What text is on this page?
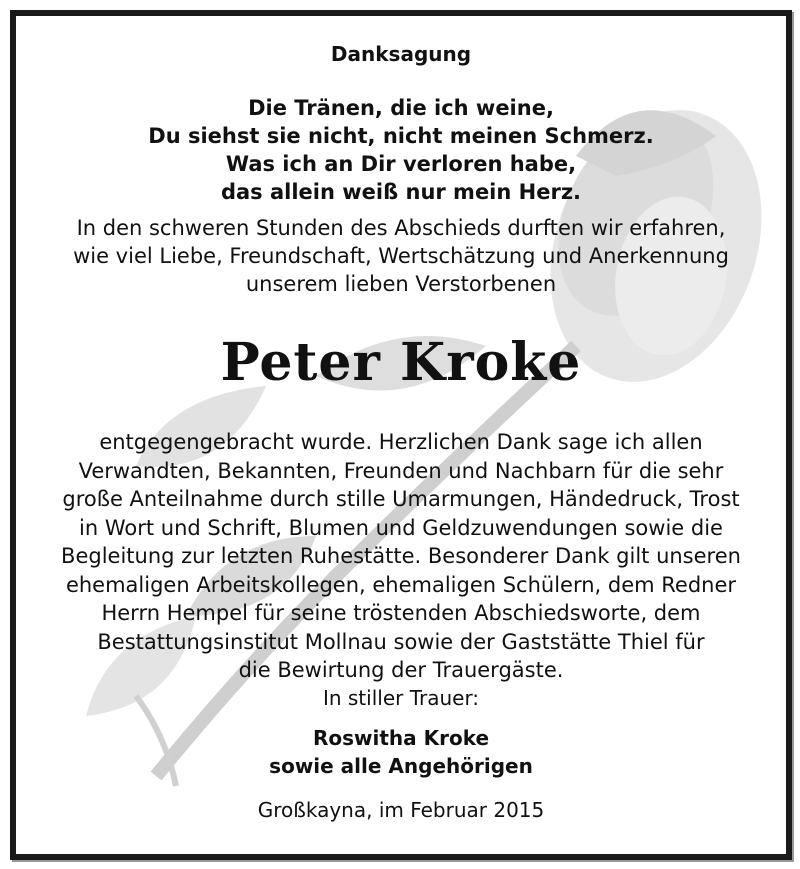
Danksagung
Die Tränen, die ich weine,
Du siehst sie nicht, nicht meinen Schmerz.
Was ich an Dir verloren habe,
das allein weiß nur mein Herz.
In den schweren Stunden des Abschieds durften wir erfahren,
wie viel Liebe, Freundschaft, Wertschätzung und Anerkennung
unserem lieben Verstorbenen
Peter Kroke
entgegengebracht wurde. Herzlichen Dank sage ich allen
Verwandten, Bekannten, Freunden und Nachbarn für die sehr
große Anteilnahme durch stille Umarmungen, Händedruck, Trost
in Wort und Schrift, Blumen und Geldzuwendungen sowie die
Begleitung zur letzten Ruhestätte. Besonderer Dank gilt unseren
ehemaligen Arbeitskollegen, ehemaligen Schülern, dem Redner
Herrn Hempel für seine tröstenden Abschiedsworte, dem
Bestattungsinstitut Mollnau sowie der Gaststätte Thiel für
die Bewirtung der Trauergäste.
In stiller Trauer:
Roswitha Kroke
sowie alle Angehörigen
Großkayna, im Februar 2015
